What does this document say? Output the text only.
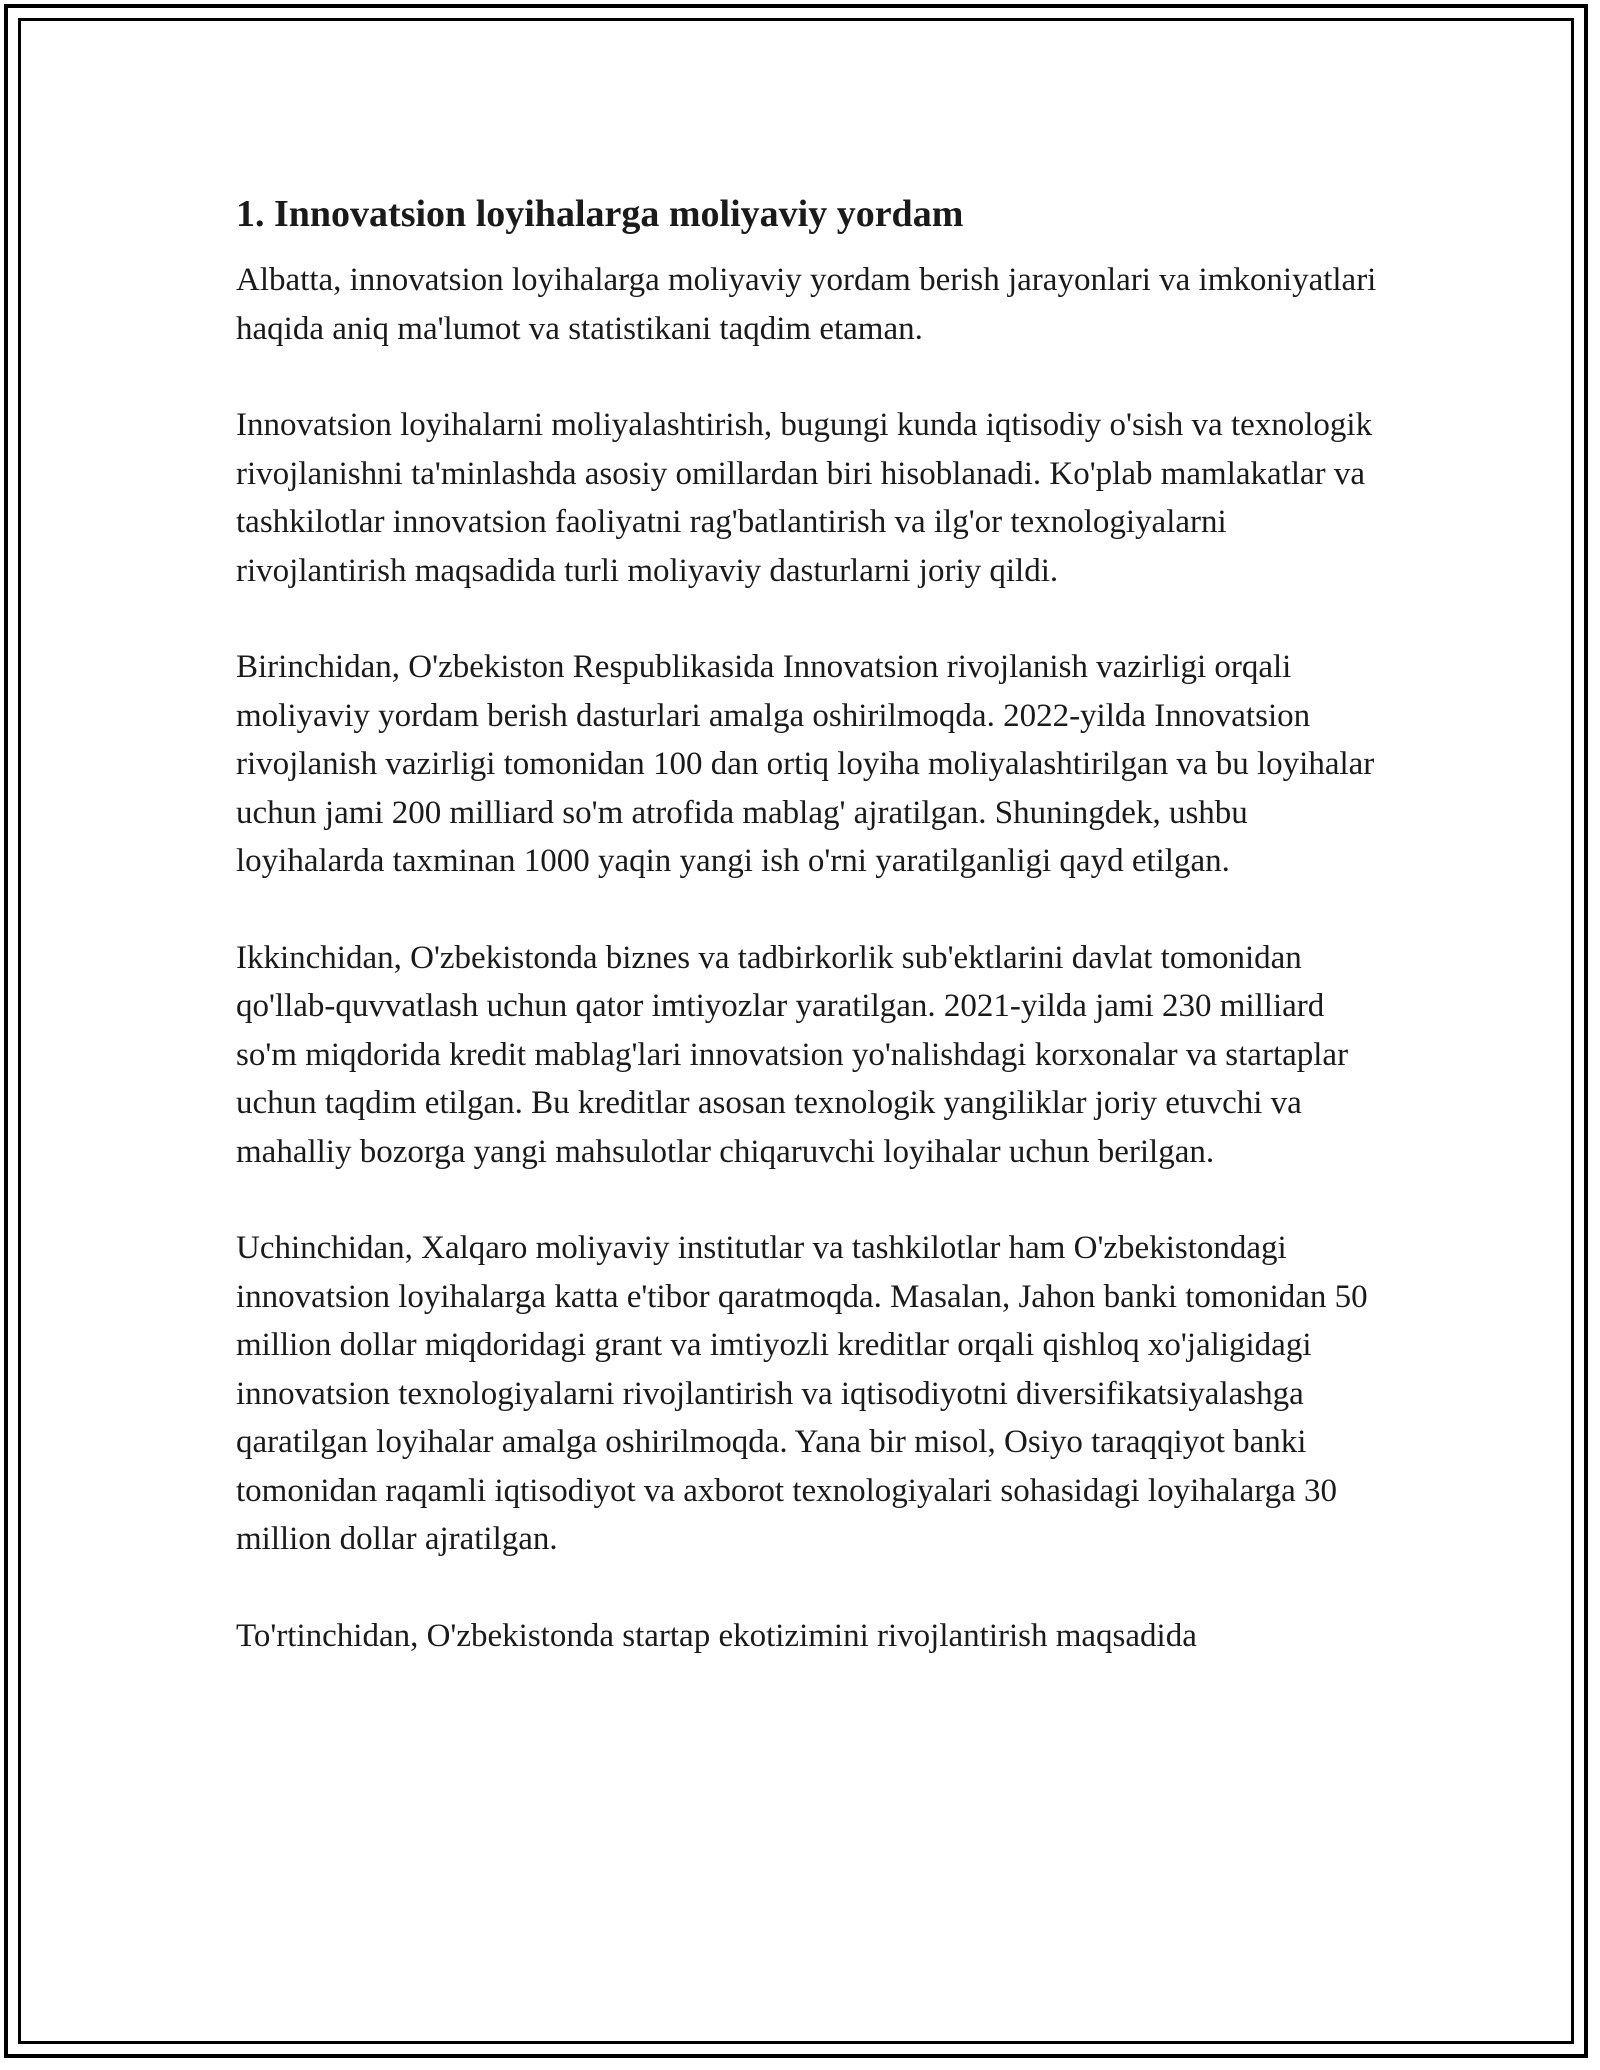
1. Innovatsion loyihalarga moliyaviy yordam

Albatta, innovatsion loyihalarga moliyaviy yordam berish jarayonlari va imkoniyatlari haqida aniq ma'lumot va statistikani taqdim etaman.

Innovatsion loyihalarni moliyalashtirish, bugungi kunda iqtisodiy o'sish va texnologik rivojlanishni ta'minlashda asosiy omillardan biri hisoblanadi. Ko'plab mamlakatlar va tashkilotlar innovatsion faoliyatni rag'batlantirish va ilg'or texnologiyalarni rivojlantirish maqsadida turli moliyaviy dasturlarni joriy qildi.

Birinchidan, O'zbekiston Respublikasida Innovatsion rivojlanish vazirligi orqali moliyaviy yordam berish dasturlari amalga oshirilmoqda. 2022-yilda Innovatsion rivojlanish vazirligi tomonidan 100 dan ortiq loyiha moliyalashtirilgan va bu loyihalar uchun jami 200 milliard so'm atrofida mablag' ajratilgan. Shuningdek, ushbu loyihalarda taxminan 1000 yaqin yangi ish o'rni yaratilganligi qayd etilgan.

Ikkinchidan, O'zbekistonda biznes va tadbirkorlik sub'ektlarini davlat tomonidan qo'llab-quvvatlash uchun qator imtiyozlar yaratilgan. 2021-yilda jami 230 milliard so'm miqdorida kredit mablag'lari innovatsion yo'nalishdagi korxonalar va startaplar uchun taqdim etilgan. Bu kreditlar asosan texnologik yangiliklar joriy etuvchi va mahalliy bozorga yangi mahsulotlar chiqaruvchi loyihalar uchun berilgan.

Uchinchidan, Xalqaro moliyaviy institutlar va tashkilotlar ham O'zbekistondagi innovatsion loyihalarga katta e'tibor qaratmoqda. Masalan, Jahon banki tomonidan 50 million dollar miqdoridagi grant va imtiyozli kreditlar orqali qishloq xo'jaligidagi innovatsion texnologiyalarni rivojlantirish va iqtisodiyotni diversifikatsiyalashga qaratilgan loyihalar amalga oshirilmoqda. Yana bir misol, Osiyo taraqqiyot banki tomonidan raqamli iqtisodiyot va axborot texnologiyalari sohasidagi loyihalarga 30 million dollar ajratilgan.

To'rtinchidan, O'zbekistonda startap ekotizimini rivojlantirish maqsadida
